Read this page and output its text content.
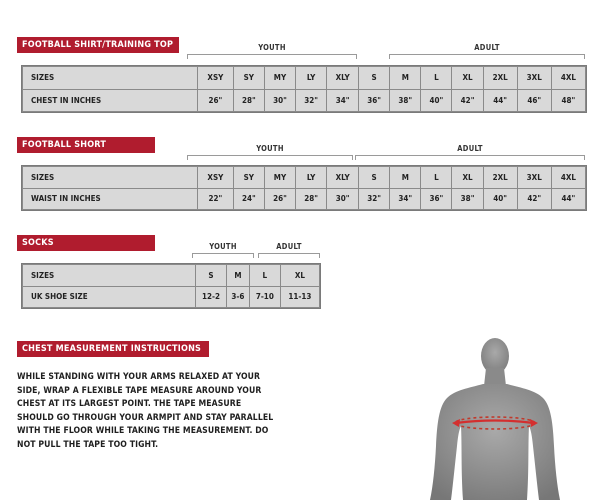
FOOTBALL SHIRT/TRAINING TOP	YOUTH	ADULT
SIZES	XSY	SY	MY	LY	XLY	S	M	L	XL	2XL	3XL	4XL
CHEST IN INCHES	26"	28"	30"	32"	34"	36"	38"	40"	42"	44"	46"	48"
FOOTBALL SHORT	YOUTH	ADULT
SIZES	XSY	SY	MY	LY	XLY	S	M	L	XL	2XL	3XL	4XL
WAIST IN INCHES	22"	24"	26"	28"	30"	32"	34"	36"	38"	40"	42"	44"
SOCKS	YOUTH	ADULT
SIZES	S	M	L	XL
UK SHOE SIZE	12-2	3-6	7-10	11-13
CHEST MEASUREMENT INSTRUCTIONS
WHILE STANDING WITH YOUR ARMS RELAXED AT YOUR
SIDE, WRAP A FLEXIBLE TAPE MEASURE AROUND YOUR
CHEST AT ITS LARGEST POINT. THE TAPE MEASURE
SHOULD GO THROUGH YOUR ARMPIT AND STAY PARALLEL
WITH THE FLOOR WHILE TAKING THE MEASUREMENT. DO
NOT PULL THE TAPE TOO TIGHT.
